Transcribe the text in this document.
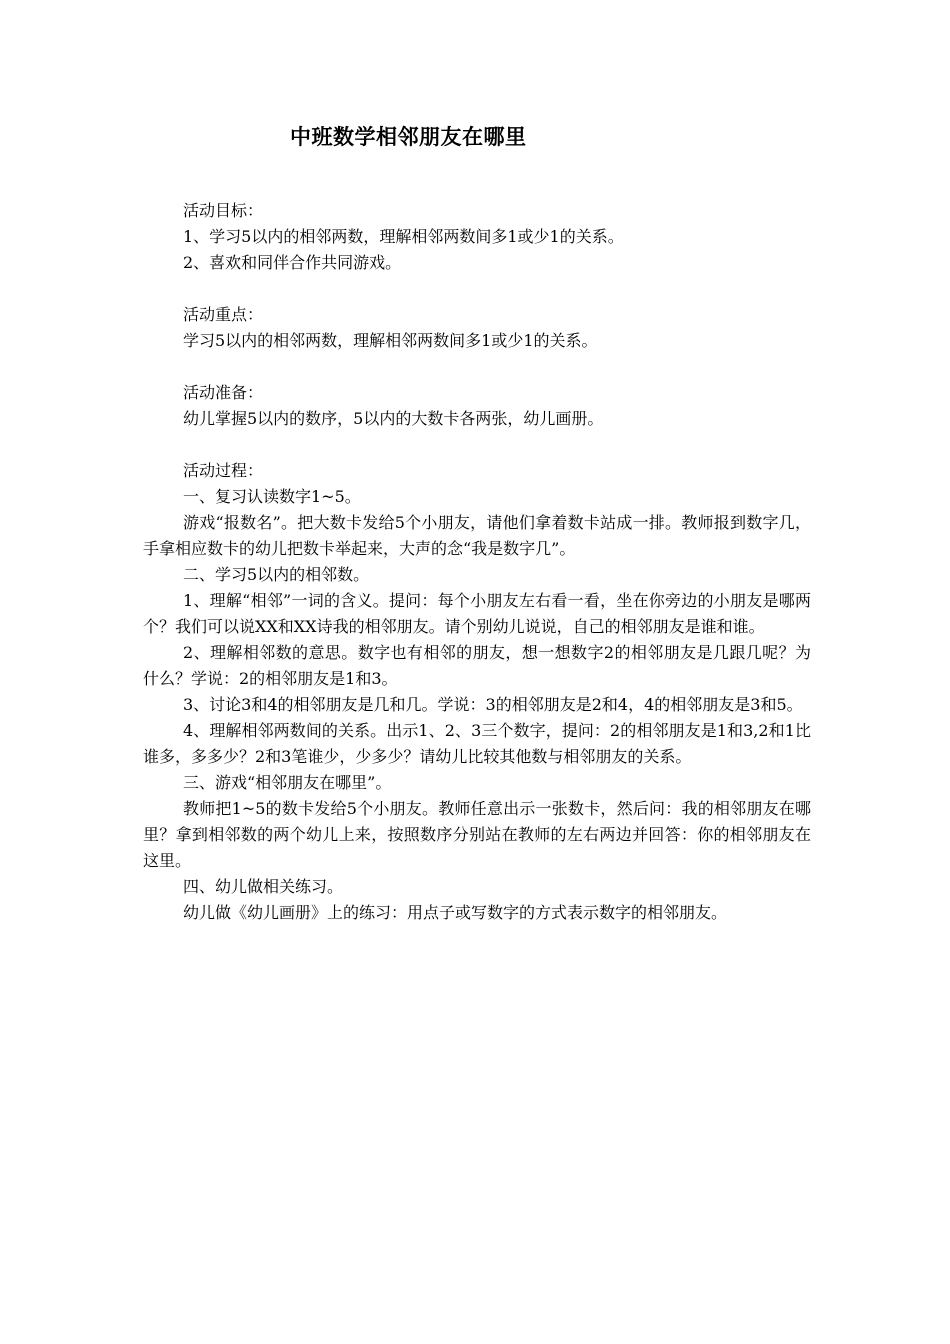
中班数学相邻朋友在哪里

活动目标：

1、学习5以内的相邻两数，理解相邻两数间多1或少1的关系。

2、喜欢和同伴合作共同游戏。

活动重点：

学习5以内的相邻两数，理解相邻两数间多1或少1的关系。

活动准备：

幼儿掌握5以内的数序，5以内的大数卡各两张，幼儿画册。

活动过程：

一、复习认读数字1~5。

游戏“报数名”。把大数卡发给5个小朋友，请他们拿着数卡站成一排。教师报到数字几，手拿相应数卡的幼儿把数卡举起来，大声的念“我是数字几”。

二、学习5以内的相邻数。

1、理解“相邻”一词的含义。提问：每个小朋友左右看一看，坐在你旁边的小朋友是哪两个？我们可以说XX和XX诗我的相邻朋友。请个别幼儿说说，自己的相邻朋友是谁和谁。

2、理解相邻数的意思。数字也有相邻的朋友，想一想数字2的相邻朋友是几跟几呢？为什么？学说：2的相邻朋友是1和3。

3、讨论3和4的相邻朋友是几和几。学说：3的相邻朋友是2和4，4的相邻朋友是3和5。

4、理解相邻两数间的关系。出示1、2、3三个数字，提问：2的相邻朋友是1和3,2和1比谁多，多多少？2和3笔谁少，少多少？请幼儿比较其他数与相邻朋友的关系。

三、游戏“相邻朋友在哪里”。

教师把1~5的数卡发给5个小朋友。教师任意出示一张数卡，然后问：我的相邻朋友在哪里？拿到相邻数的两个幼儿上来，按照数序分别站在教师的左右两边并回答：你的相邻朋友在这里。

四、幼儿做相关练习。

幼儿做《幼儿画册》上的练习：用点子或写数字的方式表示数字的相邻朋友。
